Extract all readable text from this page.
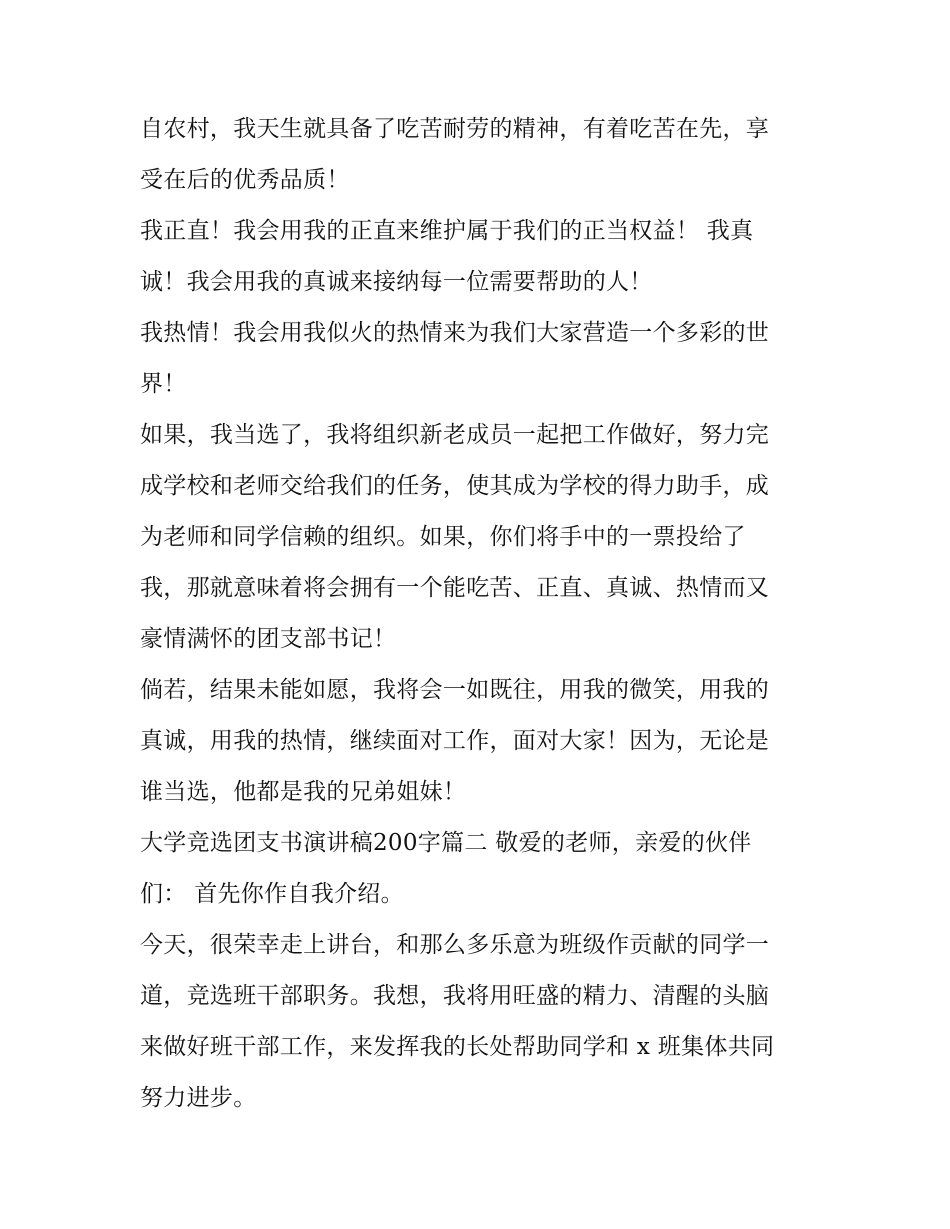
自农村，我天生就具备了吃苦耐劳的精神，有着吃苦在先，享
受在后的优秀品质！
我正直！我会用我的正直来维护属于我们的正当权益！ 我真
诚！我会用我的真诚来接纳每一位需要帮助的人！
我热情！我会用我似火的热情来为我们大家营造一个多彩的世
界！
如果，我当选了，我将组织新老成员一起把工作做好，努力完
成学校和老师交给我们的任务，使其成为学校的得力助手，成
为老师和同学信赖的组织。如果，你们将手中的一票投给了
我，那就意味着将会拥有一个能吃苦、正直、真诚、热情而又
豪情满怀的团支部书记！
倘若，结果未能如愿，我将会一如既往，用我的微笑，用我的
真诚，用我的热情，继续面对工作，面对大家！因为，无论是
谁当选，他都是我的兄弟姐妹！
大学竞选团支书演讲稿200字篇二 敬爱的老师，亲爱的伙伴
们： 首先你作自我介绍。
今天，很荣幸走上讲台，和那么多乐意为班级作贡献的同学一
道，竞选班干部职务。我想，我将用旺盛的精力、清醒的头脑
来做好班干部工作，来发挥我的长处帮助同学和 x 班集体共同
努力进步。
